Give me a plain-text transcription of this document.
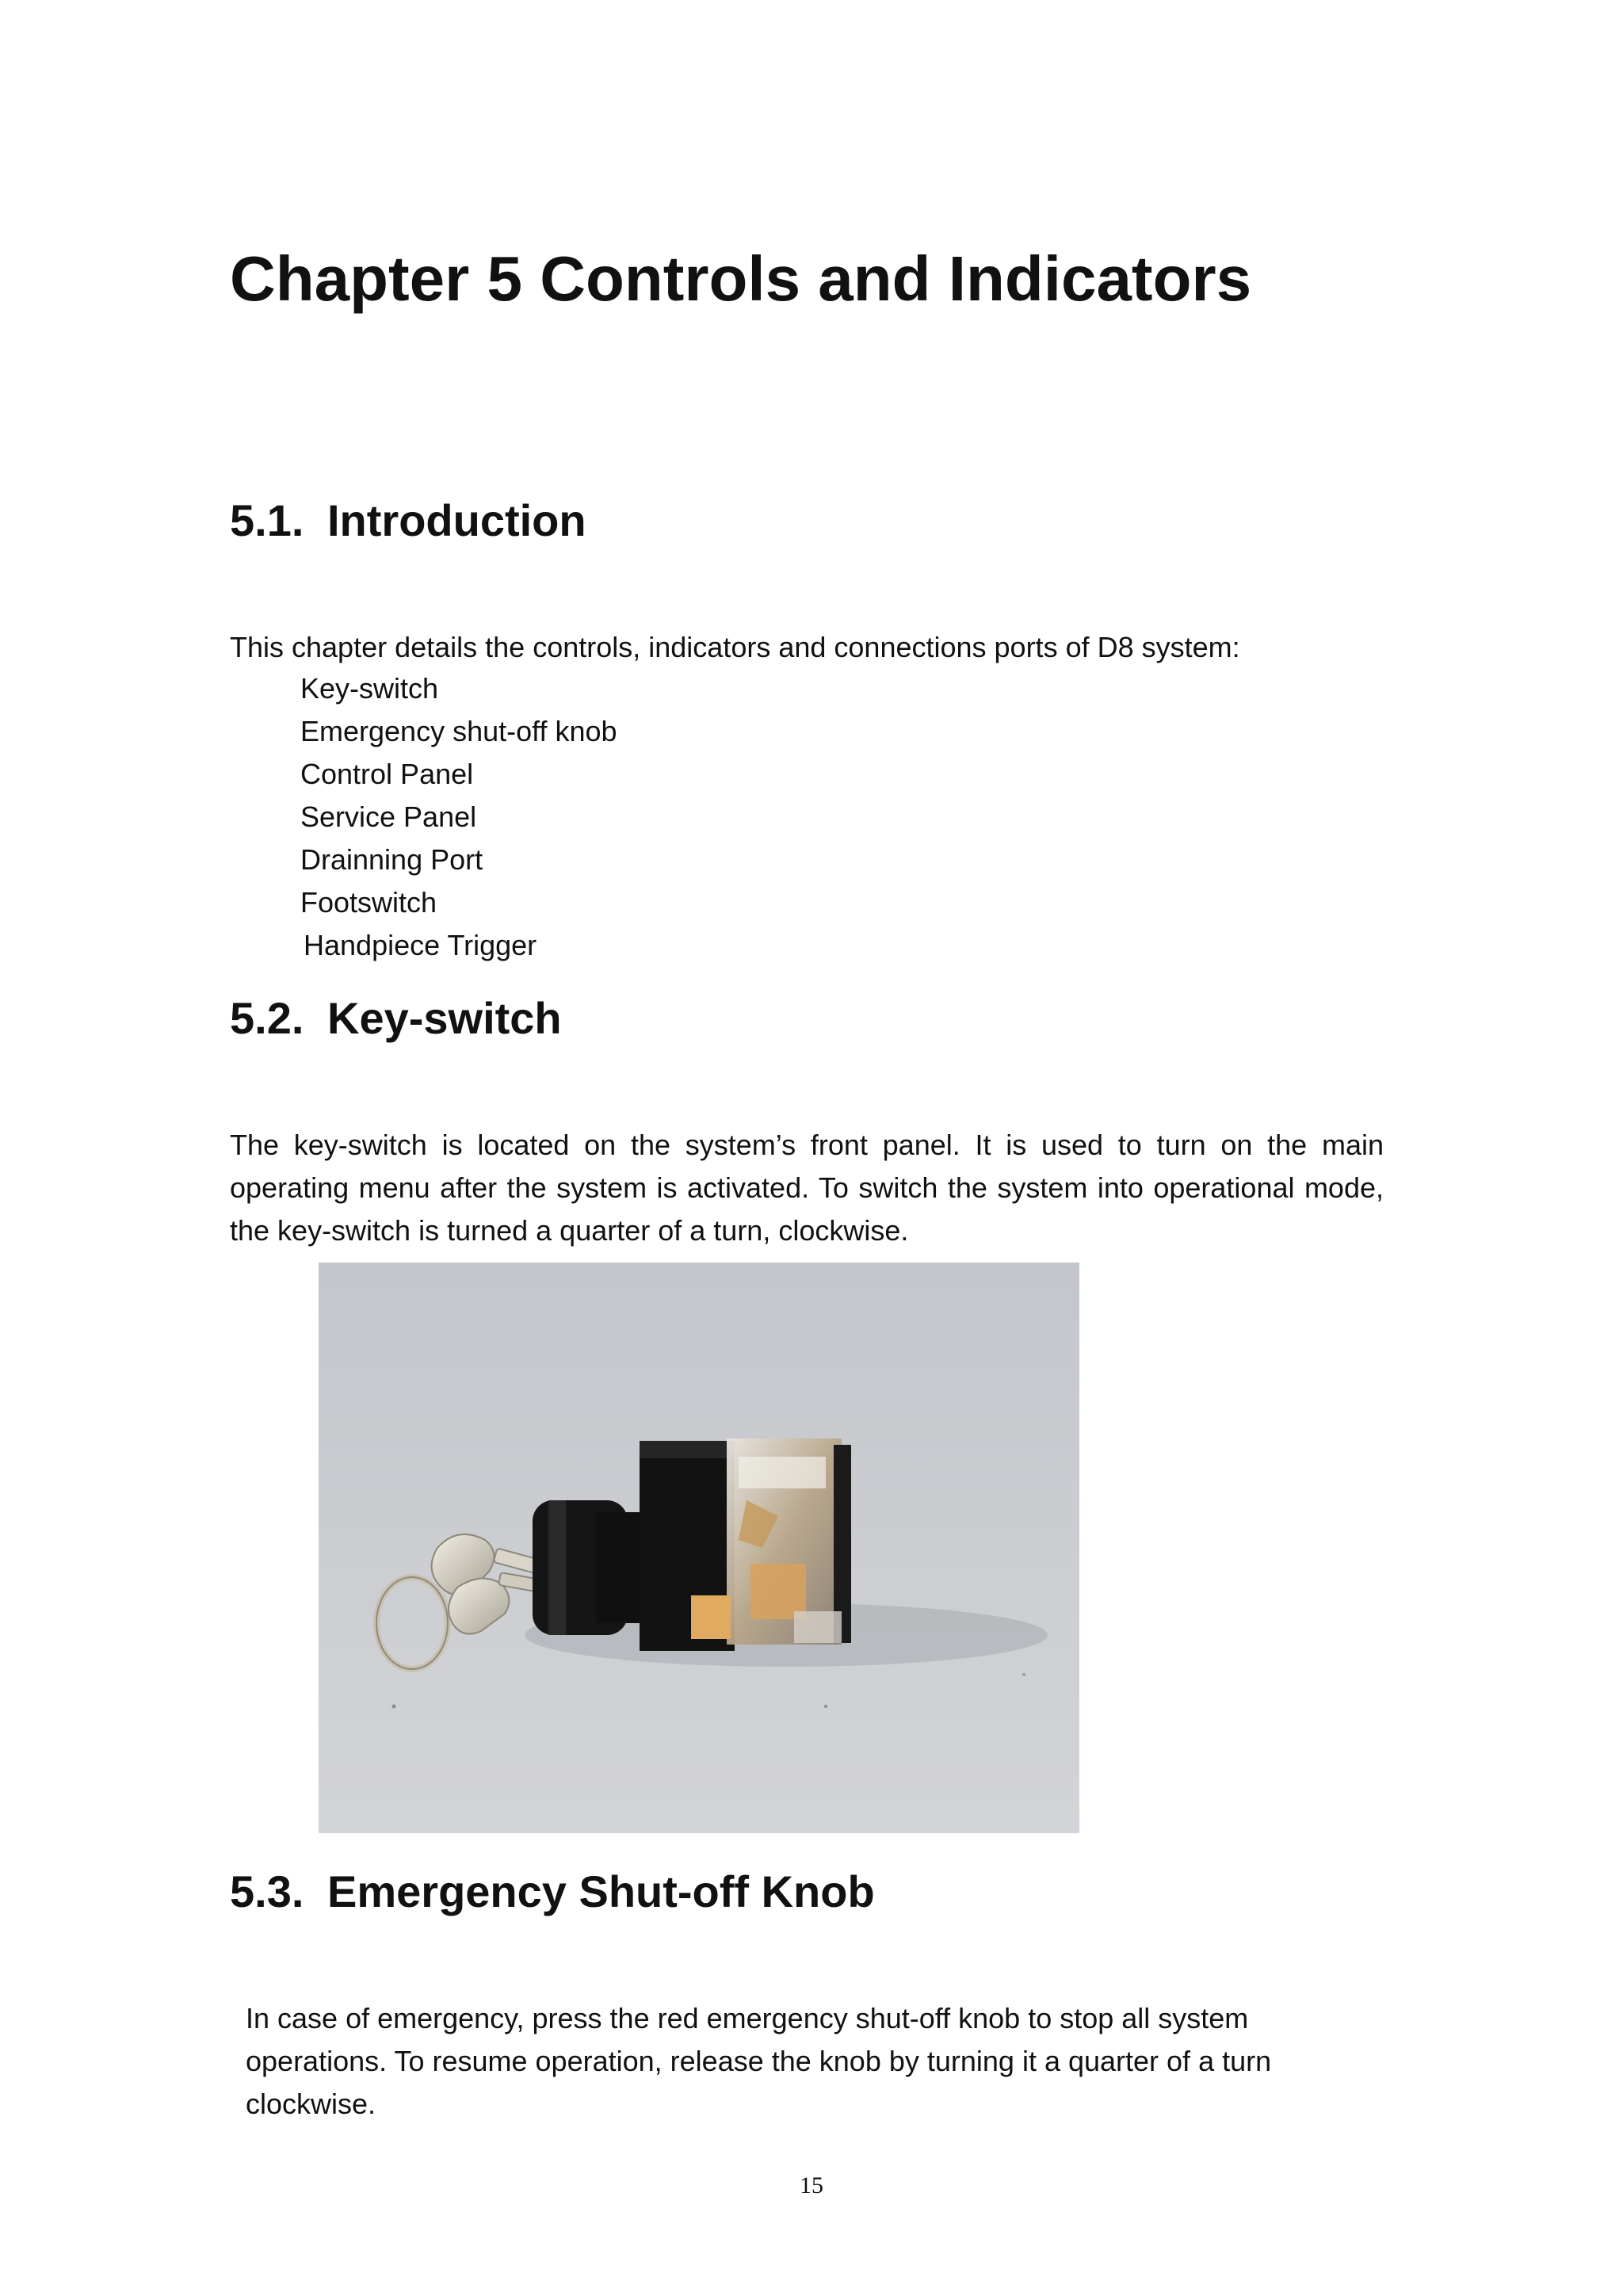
Chapter 5 Controls and Indicators
5.1. Introduction

This chapter details the controls, indicators and connections ports of D8 system:

Key-switch
Emergency shut-off knob
Control Panel
Service Panel
Drainning Port
Footswitch
Handpiece Trigger
5.2. Key-switch

The key-switch is located on the system’s front panel. It is used to turn on the main operating menu after the system is activated. To switch the system into operational mode, the key-switch is turned a quarter of a turn, clockwise.

5.3. Emergency Shut-off Knob

In case of emergency, press the red emergency shut-off knob to stop all system operations. To resume operation, release the knob by turning it a quarter of a turn clockwise.

15
